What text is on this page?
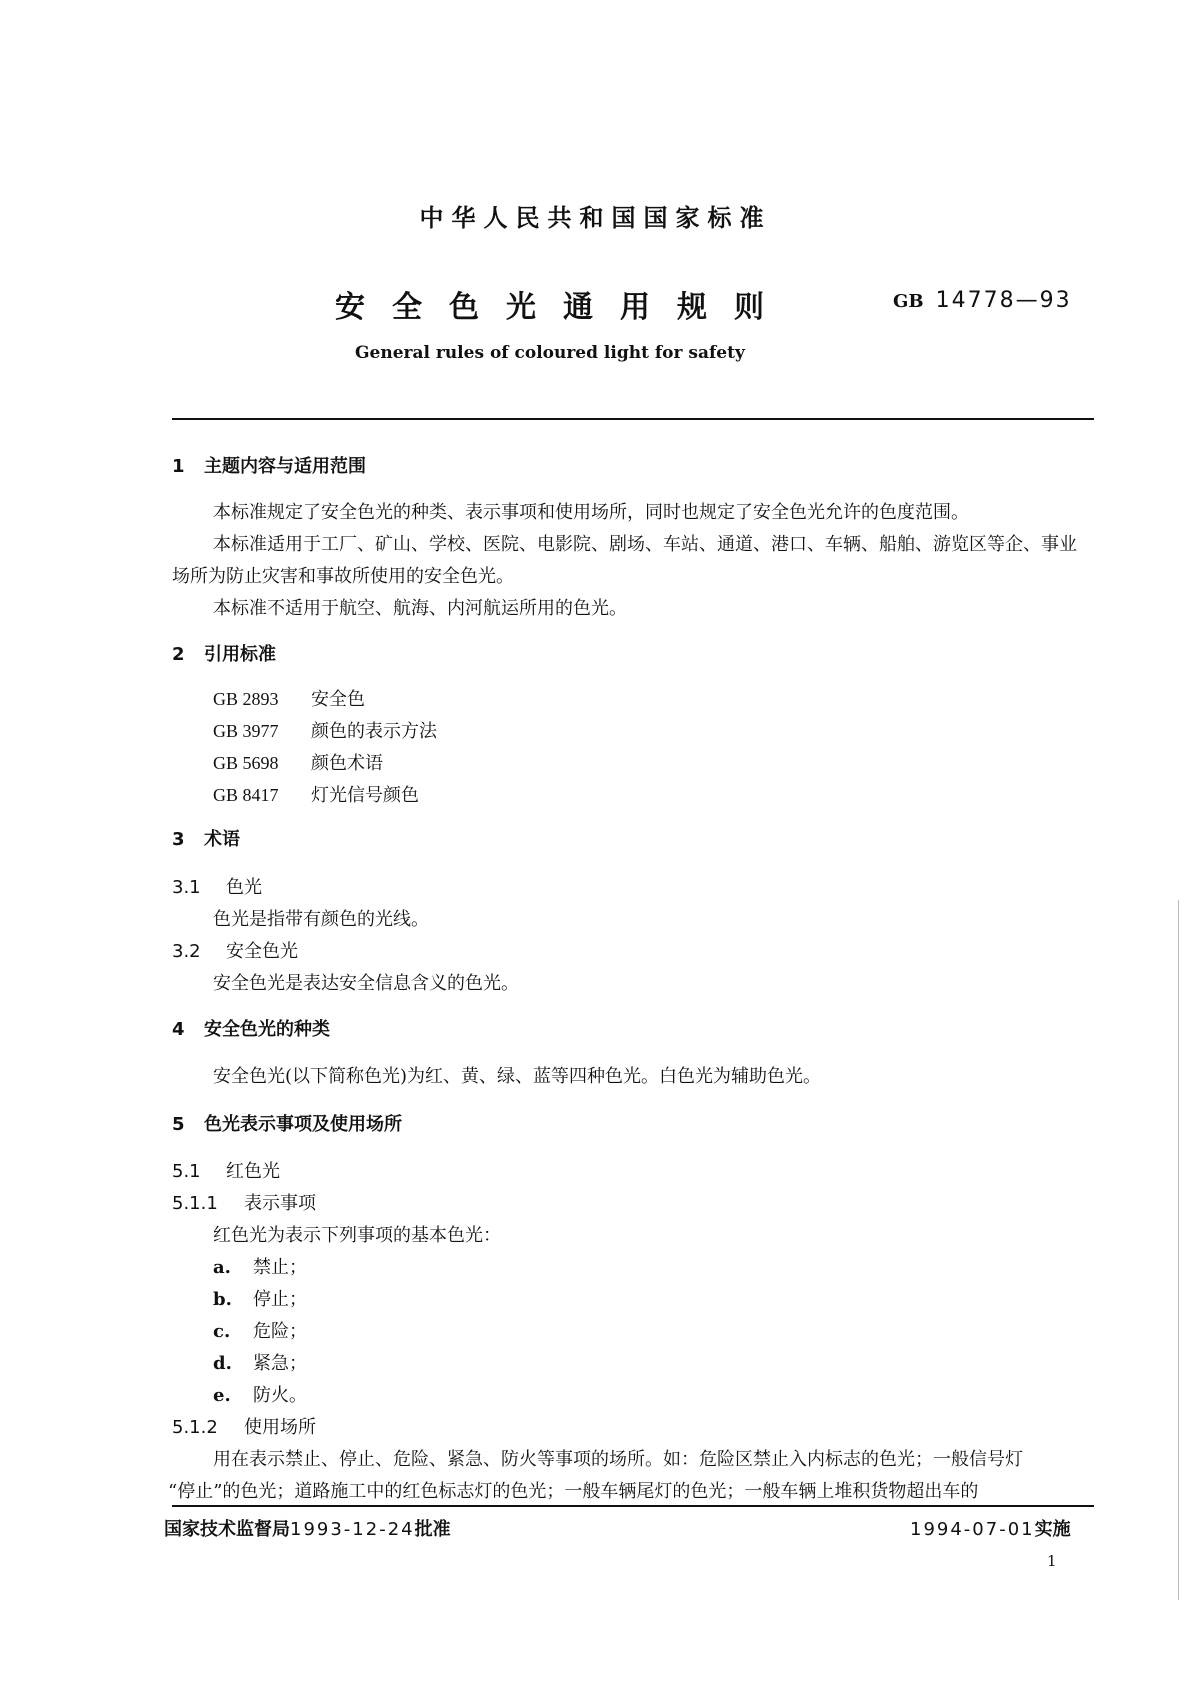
中华人民共和国国家标准
安全色光通用规则	GB 14778—93
General rules of coloured light for safety
1 主题内容与适用范围
本标准规定了安全色光的种类、表示事项和使用场所，同时也规定了安全色光允许的色度范围。
本标准适用于工厂、矿山、学校、医院、电影院、剧场、车站、通道、港口、车辆、船舶、游览区等企、事业
场所为防止灾害和事故所使用的安全色光。
本标准不适用于航空、航海、内河航运所用的色光。
2 引用标准
GB 2893 安全色
GB 3977 颜色的表示方法
GB 5698 颜色术语
GB 8417 灯光信号颜色
3 术语
3.1 色光
色光是指带有颜色的光线。
3.2 安全色光
安全色光是表达安全信息含义的色光。
4 安全色光的种类
安全色光(以下简称色光)为红、黄、绿、蓝等四种色光。白色光为辅助色光。
5 色光表示事项及使用场所
5.1 红色光
5.1.1 表示事项
红色光为表示下列事项的基本色光：
a. 禁止；
b. 停止；
c. 危险；
d. 紧急；
e. 防火。
5.1.2 使用场所
用在表示禁止、停止、危险、紧急、防火等事项的场所。如：危险区禁止入内标志的色光；一般信号灯
“停止”的色光；道路施工中的红色标志灯的色光；一般车辆尾灯的色光；一般车辆上堆积货物超出车的
国家技术监督局1993-12-24批准	1994-07-01实施
1
